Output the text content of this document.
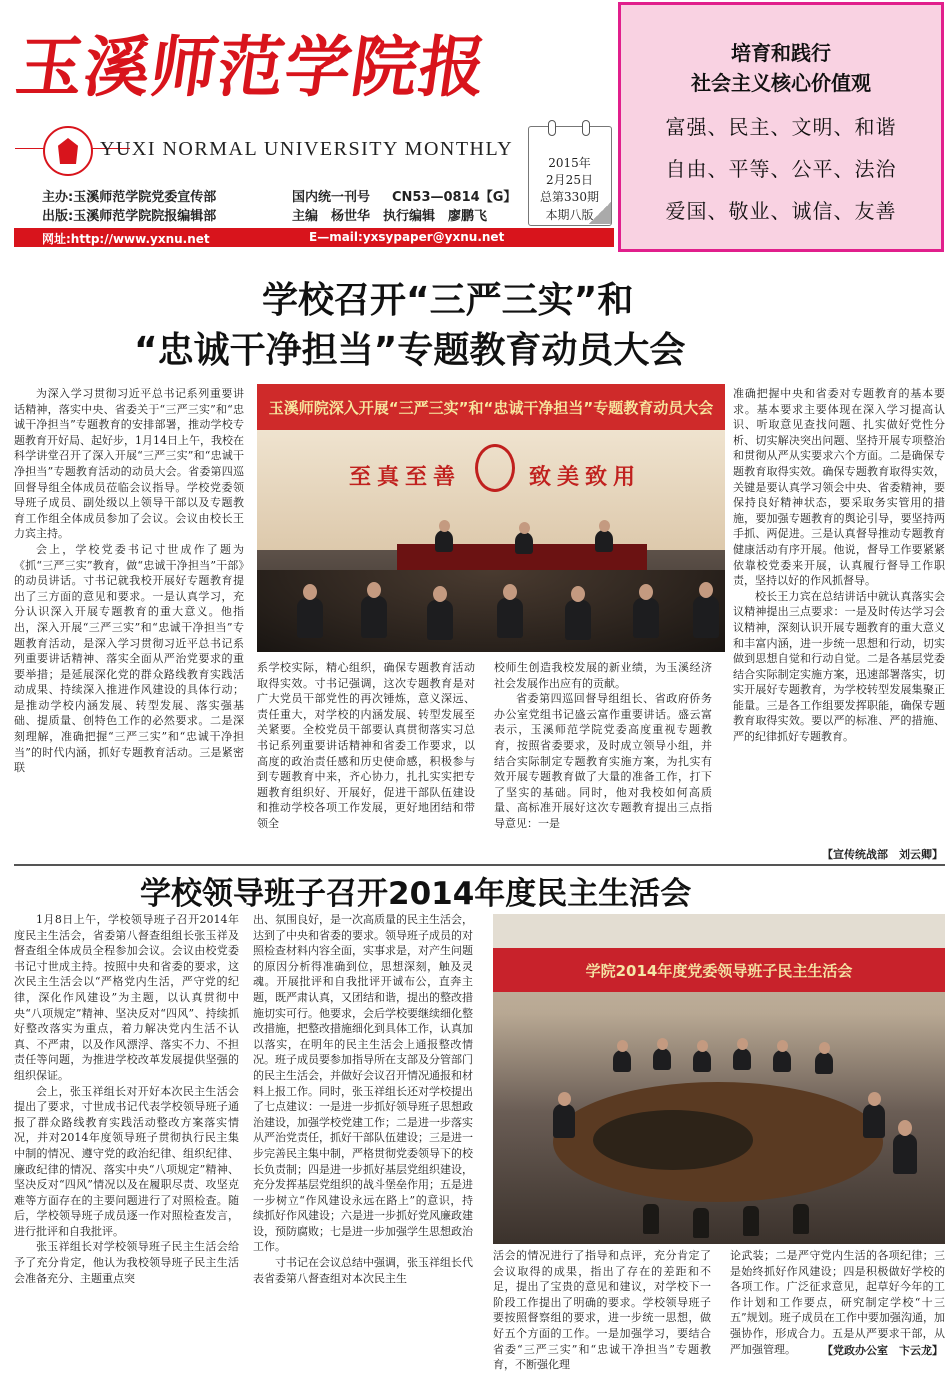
玉溪师范学院报
YUXI NORMAL UNIVERSITY MONTHLY
2015年
2月25日
总第330期
本期八版
主办:玉溪师范学院党委宣传部
出版:玉溪师范学院院报编辑部
国内统一刊号 CN53—0814【G】
主编　杨世华　执行编辑　廖鹏飞
网址:http://www.yxnu.net	E—mail:yxsypaper@yxnu.net
培育和践行
社会主义核心价值观
富强、民主、文明、和谐
自由、平等、公平、法治
爱国、敬业、诚信、友善
学校召开“三严三实”和
“忠诚干净担当”专题教育动员大会

为深入学习贯彻习近平总书记系列重要讲话精神，落实中央、省委关于“三严三实”和“忠诚干净担当”专题教育的安排部署，推动学校专题教育开好局、起好步，1月14日上午，我校在科学讲堂召开了深入开展“三严三实”和“忠诚干净担当”专题教育活动的动员大会。省委第四巡回督导组全体成员莅临会议指导。学校党委领导班子成员、副处级以上领导干部以及专题教育工作组全体成员参加了会议。会议由校长王力宾主持。

会上，学校党委书记寸世成作了题为《抓“三严三实”教育，做“忠诚干净担当”干部》的动员讲话。寸书记就我校开展好专题教育提出了三方面的意见和要求。一是认真学习，充分认识深入开展专题教育的重大意义。他指出，深入开展“三严三实”和“忠诚干净担当”专题教育活动，是深入学习贯彻习近平总书记系列重要讲话精神、落实全面从严治党要求的重要举措；是延展深化党的群众路线教育实践活动成果、持续深入推进作风建设的具体行动；是推动学校内涵发展、转型发展、落实强基础、提质量、创特色工作的必然要求。二是深刻理解，准确把握“三严三实”和“忠诚干净担当”的时代内涵，抓好专题教育活动。三是紧密联

玉溪师院深入开展“三严三实”和“忠诚干净担当”专题教育动员大会
至真至善	致美致用

系学校实际，精心组织，确保专题教育活动取得实效。寸书记强调，这次专题教育是对广大党员干部党性的再次锤炼，意义深远、责任重大，对学校的内涵发展、转型发展至关紧要。全校党员干部要认真贯彻落实习总书记系列重要讲话精神和省委工作要求，以高度的政治责任感和历史使命感，积极参与到专题教育中来，齐心协力，扎扎实实把专题教育组织好、开展好，促进干部队伍建设和推动学校各项工作发展，更好地团结和带领全

校师生创造我校发展的新业绩，为玉溪经济社会发展作出应有的贡献。

省委第四巡回督导组组长、省政府侨务办公室党组书记盛云富作重要讲话。盛云富表示，玉溪师范学院党委高度重视专题教育，按照省委要求，及时成立领导小组，并结合实际制定专题教育实施方案，为扎实有效开展专题教育做了大量的准备工作，打下了坚实的基础。同时，他对我校如何高质量、高标准开展好这次专题教育提出三点指导意见：一是

准确把握中央和省委对专题教育的基本要求。基本要求主要体现在深入学习提高认识、听取意见查找问题、扎实做好党性分析、切实解决突出问题、坚持开展专项整治和贯彻从严从实要求六个方面。二是确保专题教育取得实效。确保专题教育取得实效，关键是要认真学习领会中央、省委精神，要保持良好精神状态，要采取务实管用的措施，要加强专题教育的舆论引导，要坚持两手抓、两促进。三是认真督导推动专题教育健康活动有序开展。他说，督导工作要紧紧依靠校党委来开展，认真履行督导工作职责，坚持以好的作风抓督导。

校长王力宾在总结讲话中就认真落实会议精神提出三点要求：一是及时传达学习会议精神，深刻认识开展专题教育的重大意义和丰富内涵，进一步统一思想和行动，切实做到思想自觉和行动自觉。二是各基层党委结合实际制定实施方案，迅速部署落实，切实开展好专题教育，为学校转型发展集聚正能量。三是各工作组要发挥职能，确保专题教育取得实效。要以严的标准、严的措施、严的纪律抓好专题教育。

【宣传统战部　刘云卿】
学校领导班子召开2014年度民主生活会

1月8日上午，学校领导班子召开2014年度民主生活会，省委第八督查组组长张玉祥及督查组全体成员全程参加会议。会议由校党委书记寸世成主持。按照中央和省委的要求，这次民主生活会以“严格党内生活，严守党的纪律，深化作风建设”为主题，以认真贯彻中央“八项规定”精神、坚决反对“四风”、持续抓好整改落实为重点，着力解决党内生活不认真、不严肃，以及作风漂浮、落实不力、不担责任等问题，为推进学校改革发展提供坚强的组织保证。

会上，张玉祥组长对开好本次民主生活会提出了要求，寸世成书记代表学校领导班子通报了群众路线教育实践活动整改方案落实情况，并对2014年度领导班子贯彻执行民主集中制的情况、遵守党的政治纪律、组织纪律、廉政纪律的情况、落实中央“八项规定”精神、坚决反对“四风”情况以及在履职尽责、攻坚克难等方面存在的主要问题进行了对照检查。随后，学校领导班子成员逐一作对照检查发言，进行批评和自我批评。

张玉祥组长对学校领导班子民主生活会给予了充分肯定，他认为我校领导班子民主生活会准备充分、主题重点突

出、氛围良好，是一次高质量的民主生活会，达到了中央和省委的要求。领导班子成员的对照检查材料内容全面，实事求是，对产生问题的原因分析得准确到位，思想深刻，触及灵魂。开展批评和自我批评开诚布公，直奔主题，既严肃认真，又团结和谐，提出的整改措施切实可行。他要求，会后学校要继续细化整改措施，把整改措施细化到具体工作，认真加以落实，在明年的民主生活会上通报整改情况。班子成员要参加指导所在支部及分管部门的民主生活会，并做好会议召开情况通报和材料上报工作。同时，张玉祥组长还对学校提出了七点建议：一是进一步抓好领导班子思想政治建设，加强学校党建工作；二是进一步落实从严治党责任，抓好干部队伍建设；三是进一步完善民主集中制，严格贯彻党委领导下的校长负责制；四是进一步抓好基层党组织建设，充分发挥基层党组织的战斗堡垒作用；五是进一步树立“作风建设永远在路上”的意识，持续抓好作风建设；六是进一步抓好党风廉政建设，预防腐败；七是进一步加强学生思想政治工作。

寸书记在会议总结中强调，张玉祥组长代表省委第八督查组对本次民主生

学院2014年度党委领导班子民主生活会

活会的情况进行了指导和点评，充分肯定了会议取得的成果，指出了存在的差距和不足，提出了宝贵的意见和建议，对学校下一阶段工作提出了明确的要求。学校领导班子要按照督察组的要求，进一步统一思想，做好五个方面的工作。一是加强学习，要结合省委“三严三实”和“忠诚干净担当”专题教育，不断强化理

论武装；二是严守党内生活的各项纪律；三是始终抓好作风建设；四是积极做好学校的各项工作。广泛征求意见，起草好今年的工作计划和工作要点，研究制定学校“十三五”规划。班子成员在工作中要加强沟通，加强协作，形成合力。五是从严要求干部，从严加强管理。	【党政办公室　卞云龙】
